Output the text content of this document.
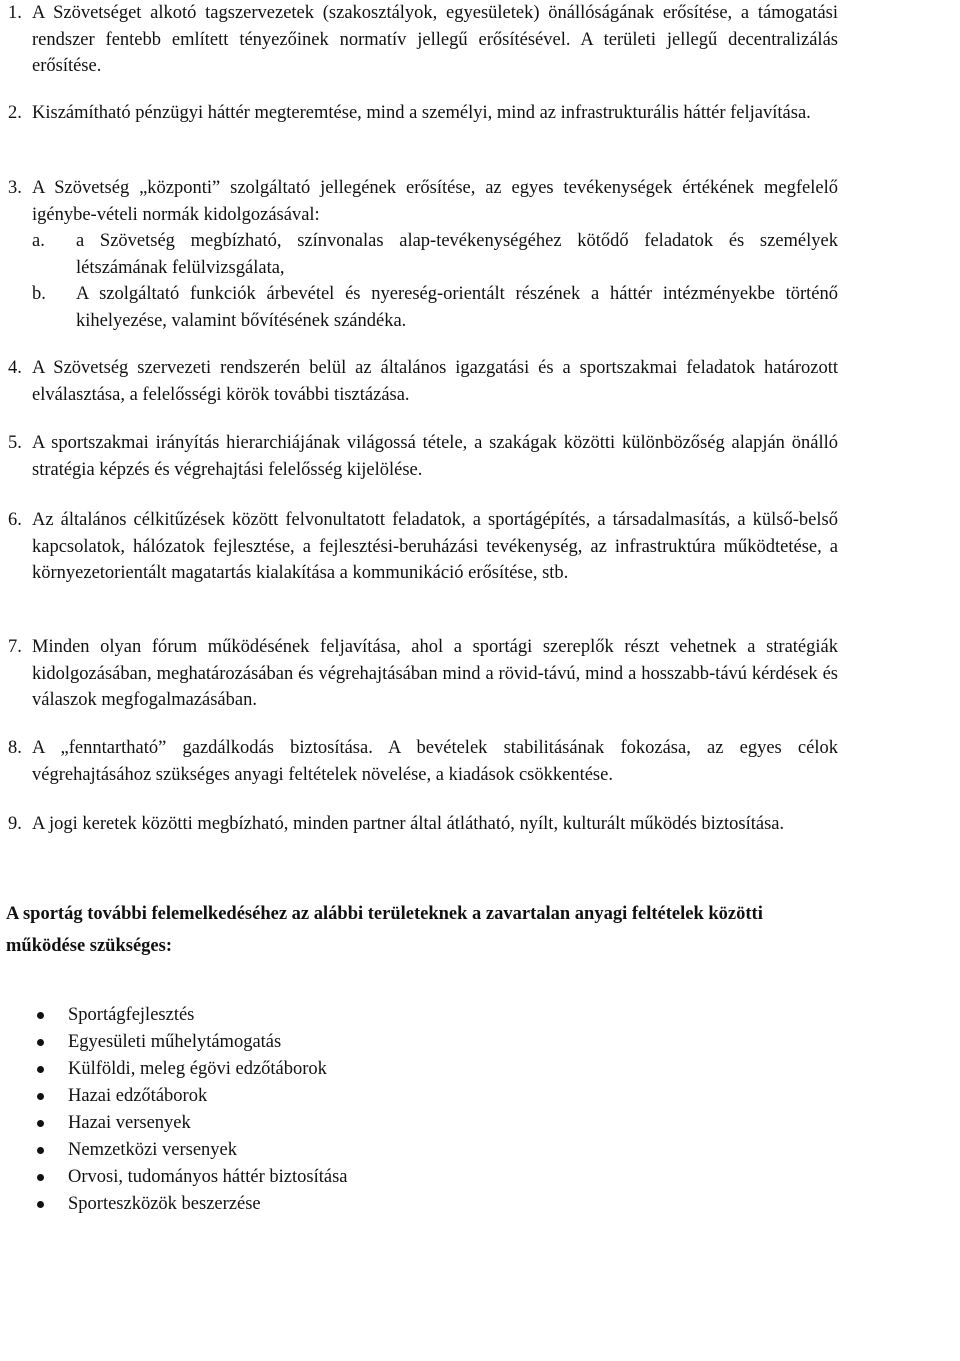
1. A Szövetséget alkotó tagszervezetek (szakosztályok, egyesületek) önállóságának erősítése, a támogatási rendszer fentebb említett tényezőinek normatív jellegű erősítésével. A területi jellegű decentralizálás erősítése.
2. Kiszámítható pénzügyi háttér megteremtése, mind a személyi, mind az infrastrukturális háttér feljavítása.
3. A Szövetség „központi” szolgáltató jellegének erősítése, az egyes tevékenységek értékének megfelelő igénybe-vételi normák kidolgozásával:
a. a Szövetség megbízható, színvonalas alap-tevékenységéhez kötődő feladatok és személyek létszámának felülvizsgálata,
b. A szolgáltató funkciók árbevétel és nyereség-orientált részének a háttér intézményekbe történő kihelyezése, valamint bővítésének szándéka.
4. A Szövetség szervezeti rendszerén belül az általános igazgatási és a sportszakmai feladatok határozott elválasztása, a felelősségi körök további tisztázása.
5. A sportszakmai irányítás hierarchiájának világossá tétele, a szakágak közötti különbözőség alapján önálló stratégia képzés és végrehajtási felelősség kijelölése.
6. Az általános célkitűzések között felvonultatott feladatok, a sportágépítés, a társadalmasítás, a külső-belső kapcsolatok, hálózatok fejlesztése, a fejlesztési-beruházási tevékenység, az infrastruktúra működtetése, a környezetorientált magatartás kialakítása a kommunikáció erősítése, stb.
7. Minden olyan fórum működésének feljavítása, ahol a sportági szereplők részt vehetnek a stratégiák kidolgozásában, meghatározásában és végrehajtásában mind a rövid-távú, mind a hosszabb-távú kérdések és válaszok megfogalmazásában.
8. A „fenntartható” gazdálkodás biztosítása. A bevételek stabilitásának fokozása, az egyes célok végrehajtásához szükséges anyagi feltételek növelése, a kiadások csökkentése.
9. A jogi keretek közötti megbízható, minden partner által átlátható, nyílt, kulturált működés biztosítása.
A sportág további felemelkedéséhez az alábbi területeknek a zavartalan anyagi feltételek közötti működése szükséges:
Sportágfejlesztés
Egyesületi műhelytámogatás
Külföldi, meleg égövi edzőtáborok
Hazai edzőtáborok
Hazai versenyek
Nemzetközi versenyek
Orvosi, tudományos háttér biztosítása
Sporteszközök beszerzése
